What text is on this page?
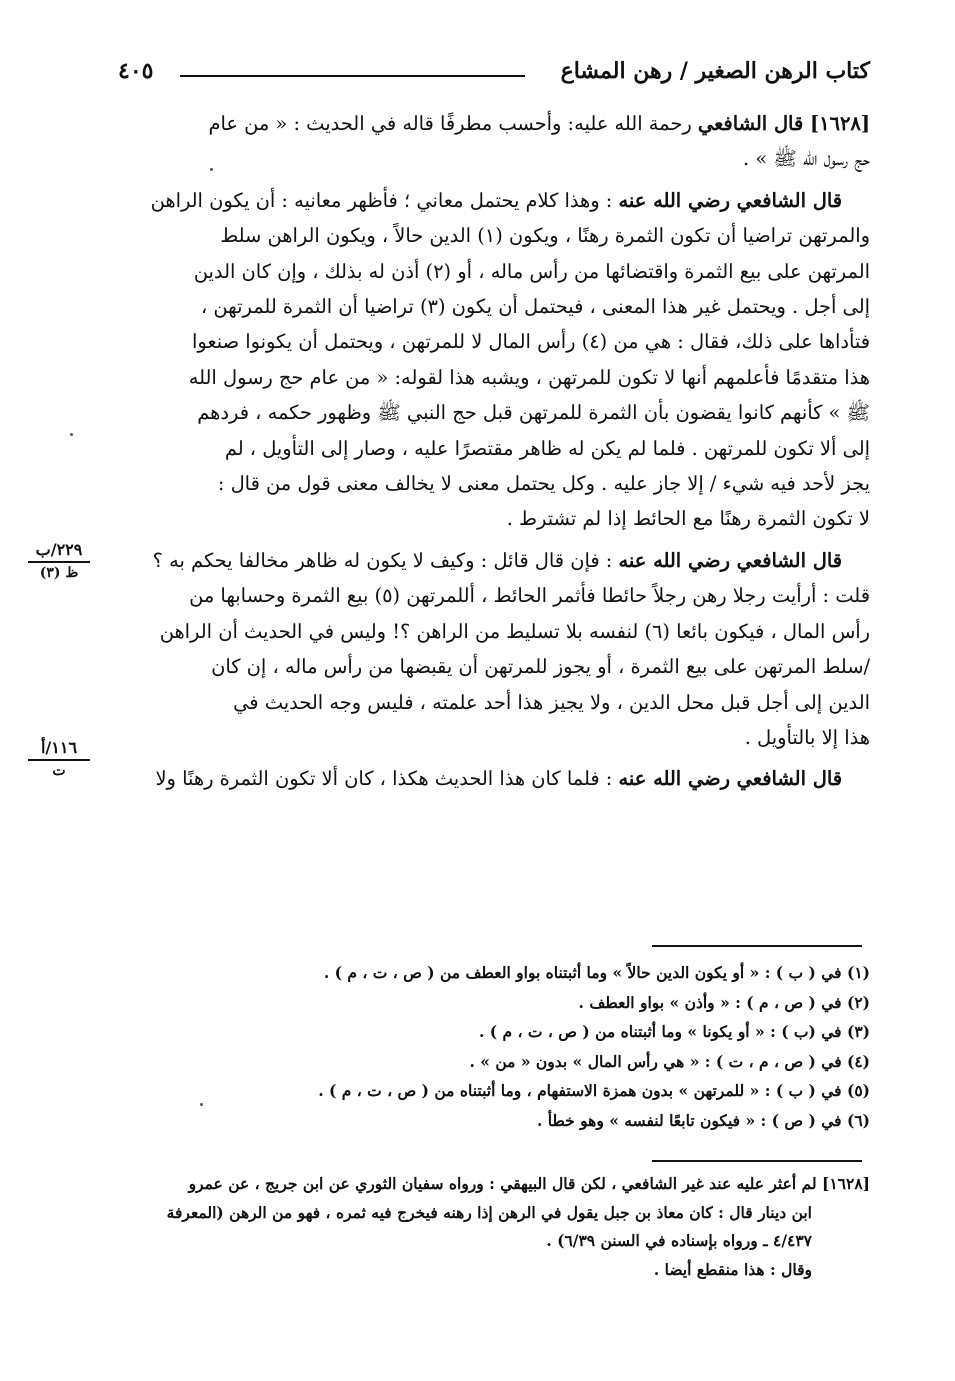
كتاب الرهن الصغير / رهن المشاع
٤٠٥

[١٦٢٨] قال الشافعي رحمة الله عليه: وأحسب مطرفًا قاله في الحديث : « من عام
حج رسول الله ﷺ » .

قال الشافعي رضي الله عنه : وهذا كلام يحتمل معاني ؛ فأظهر معانيه : أن يكون الراهن
والمرتهن تراضيا أن تكون الثمرة رهنًا ، ويكون (١) الدين حالاً ، ويكون الراهن سلط
المرتهن على بيع الثمرة واقتضائها من رأس ماله ، أو (٢) أذن له بذلك ، وإن كان الدين
إلى أجل . ويحتمل غير هذا المعنى ، فيحتمل أن يكون (٣) تراضيا أن الثمرة للمرتهن ،
فتأداها على ذلك، فقال : هي من (٤) رأس المال لا للمرتهن ، ويحتمل أن يكونوا صنعوا
هذا متقدمًا فأعلمهم أنها لا تكون للمرتهن ، ويشبه هذا لقوله: « من عام حج رسول الله
ﷺ » كأنهم كانوا يقضون بأن الثمرة للمرتهن قبل حج النبي ﷺ وظهور حكمه ، فردهم
إلى ألا تكون للمرتهن . فلما لم يكن له ظاهر مقتصرًا عليه ، وصار إلى التأويل ، لم
يجز لأحد فيه شيء / إلا جاز عليه . وكل يحتمل معنى لا يخالف معنى قول من قال :
لا تكون الثمرة رهنًا مع الحائط إذا لم تشترط .

قال الشافعي رضي الله عنه : فإن قال قائل : وكيف لا يكون له ظاهر مخالفا يحكم به ؟
قلت : أرأيت رجلا رهن رجلاً حائطا فأثمر الحائط ، أللمرتهن (٥) بيع الثمرة وحسابها من
رأس المال ، فيكون بائعا (٦) لنفسه بلا تسليط من الراهن ؟! وليس في الحديث أن الراهن
/سلط المرتهن على بيع الثمرة ، أو يجوز للمرتهن أن يقبضها من رأس ماله ، إن كان
الدين إلى أجل قبل محل الدين ، ولا يجيز هذا أحد علمته ، فليس وجه الحديث في
هذا إلا بالتأويل .

قال الشافعي رضي الله عنه : فلما كان هذا الحديث هكذا ، كان ألا تكون الثمرة رهنًا ولا

٢٢٩/ب
ظ (٣)
١١٦/أ
ت
(١) في ( ب ) : « أو يكون الدين حالاً » وما أثبتناه بواو العطف من ( ص ، ت ، م ) .
(٢) في ( ص ، م ) : « وأذن » بواو العطف .
(٣) في (ب ) : « أو يكونا » وما أثبتناه من ( ص ، ت ، م ) .
(٤) في ( ص ، م ، ت ) : « هي رأس المال » بدون « من » .
(٥) في ( ب ) : « للمرتهن » بدون همزة الاستفهام ، وما أثبتناه من ( ص ، ت ، م ) .
(٦) في ( ص ) : « فيكون تابعًا لنفسه » وهو خطأ .
[١٦٢٨] لم أعثر عليه عند غير الشافعي ، لكن قال البيهقي : ورواه سفيان الثوري عن ابن جريج ، عن عمرو
ابن دينار قال : كان معاذ بن جبل يقول في الرهن إذا رهنه فيخرج فيه ثمره ، فهو من الرهن (المعرفة
٤/٤٣٧ ـ ورواه بإسناده في السنن ٦/٣٩) .
وقال : هذا منقطع أيضا .
